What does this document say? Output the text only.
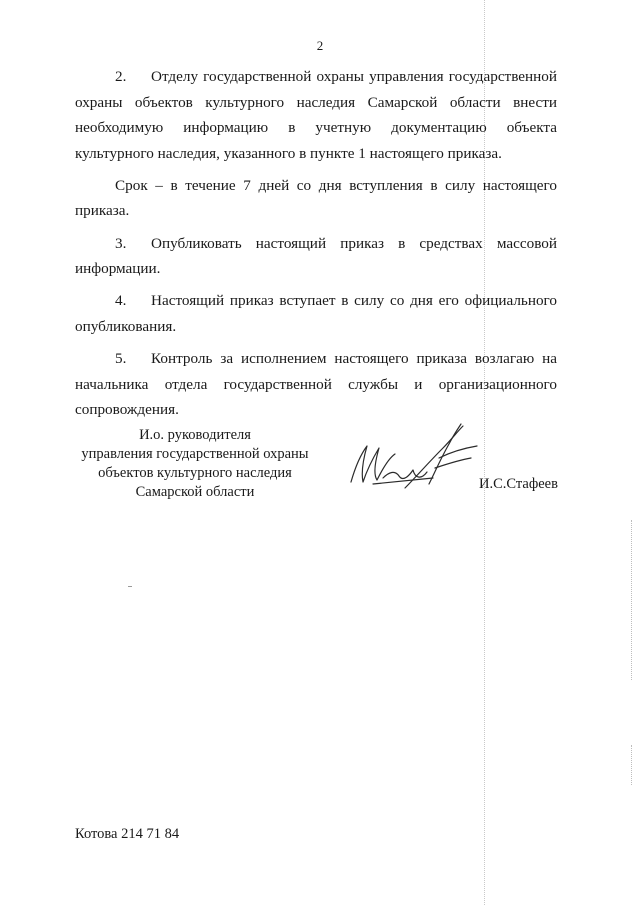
2

2. Отделу государственной охраны управления государственной охраны объектов культурного наследия Самарской области внести необходимую информацию в учетную документацию объекта культурного наследия, указанного в пункте 1 настоящего приказа.

Срок – в течение 7 дней со дня вступления в силу настоящего приказа.

3. Опубликовать настоящий приказ в средствах массовой информации.

4. Настоящий приказ вступает в силу со дня его официального опубликования.

5. Контроль за исполнением настоящего приказа возлагаю на начальника отдела государственной службы и организационного сопровождения.

И.о. руководителя
управления государственной охраны
объектов культурного наследия
Самарской области	И.С.Стафеев
Котова 214 71 84
